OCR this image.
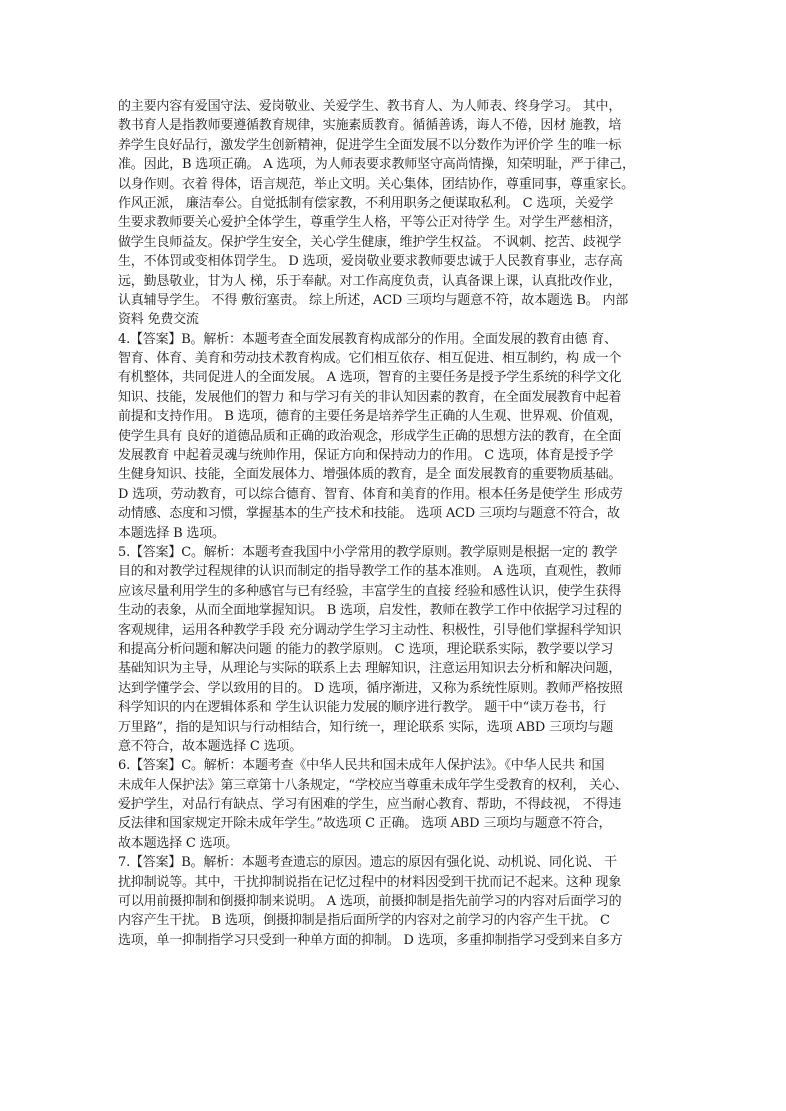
的主要内容有爱国守法、爱岗敬业、关爱学生、教书育人、为人师表、终身学习。 其中，
教书育人是指教师要遵循教育规律，实施素质教育。循循善诱，诲人不倦，因材 施教，培
养学生良好品行，激发学生创新精神，促进学生全面发展不以分数作为评价学 生的唯一标
准。因此，B 选项正确。 A 选项，为人师表要求教师坚守高尚情操，知荣明耻，严于律己，
以身作则。衣着 得体，语言规范，举止文明。关心集体，团结协作，尊重同事，尊重家长。
作风正派， 廉洁奉公。自觉抵制有偿家教，不利用职务之便谋取私利。 C 选项，关爱学
生要求教师要关心爱护全体学生，尊重学生人格，平等公正对待学 生。对学生严慈相济，
做学生良师益友。保护学生安全，关心学生健康，维护学生权益。 不讽刺、挖苦、歧视学
生，不体罚或变相体罚学生。 D 选项，爱岗敬业要求教师要忠诚于人民教育事业，志存高
远，勤恳敬业，甘为人 梯，乐于奉献。对工作高度负责，认真备课上课，认真批改作业，
认真辅导学生。 不得 敷衍塞责。 综上所述，ACD 三项均与题意不符，故本题选 B。 内部
资料 免费交流
4.【答案】B。解析：本题考查全面发展教育构成部分的作用。全面发展的教育由德 育、
智育、体育、美育和劳动技术教育构成。它们相互依存、相互促进、相互制约，构 成一个
有机整体，共同促进人的全面发展。 A 选项，智育的主要任务是授予学生系统的科学文化
知识、技能，发展他们的智力 和与学习有关的非认知因素的教育，在全面发展教育中起着
前提和支持作用。 B 选项，德育的主要任务是培养学生正确的人生观、世界观、价值观，
使学生具有 良好的道德品质和正确的政治观念，形成学生正确的思想方法的教育，在全面
发展教育 中起着灵魂与统帅作用，保证方向和保持动力的作用。 C 选项，体育是授予学
生健身知识、技能，全面发展体力、增强体质的教育，是全 面发展教育的重要物质基础。
D 选项，劳动教育，可以综合德育、智育、体育和美育的作用。根本任务是使学生 形成劳
动情感、态度和习惯，掌握基本的生产技术和技能。 选项 ACD 三项均与题意不符合，故
本题选择 B 选项。
5.【答案】C。解析：本题考查我国中小学常用的教学原则。教学原则是根据一定的 教学
目的和对教学过程规律的认识而制定的指导教学工作的基本准则。 A 选项，直观性，教师
应该尽量利用学生的多种感官与已有经验，丰富学生的直接 经验和感性认识，使学生获得
生动的表象，从而全面地掌握知识。 B 选项，启发性，教师在教学工作中依据学习过程的
客观规律，运用各种教学手段 充分调动学生学习主动性、积极性，引导他们掌握科学知识
和提高分析问题和解决问题 的能力的教学原则。 C 选项，理论联系实际，教学要以学习
基础知识为主导，从理论与实际的联系上去 理解知识，注意运用知识去分析和解决问题，
达到学懂学会、学以致用的目的。 D 选项，循序渐进，又称为系统性原则。教师严格按照
科学知识的内在逻辑体系和 学生认识能力发展的顺序进行教学。 题干中“读万卷书，行
万里路”，指的是知识与行动相结合，知行统一，理论联系 实际，选项 ABD 三项均与题
意不符合，故本题选择 C 选项。
6.【答案】C。解析：本题考查《中华人民共和国未成年人保护法》。《中华人民共 和国
未成年人保护法》第三章第十八条规定，“学校应当尊重未成年学生受教育的权利， 关心、
爱护学生，对品行有缺点、学习有困难的学生，应当耐心教育、帮助，不得歧视， 不得违
反法律和国家规定开除未成年学生。”故选项 C 正确。 选项 ABD 三项均与题意不符合，
故本题选择 C 选项。
7.【答案】B。解析：本题考查遗忘的原因。遗忘的原因有强化说、动机说、同化说、 干
扰抑制说等。其中，干扰抑制说指在记忆过程中的材料因受到干扰而记不起来。这种 现象
可以用前摄抑制和倒摄抑制来说明。 A 选项，前摄抑制是指先前学习的内容对后面学习的
内容产生干扰。 B 选项，倒摄抑制是指后面所学的内容对之前学习的内容产生干扰。 C
选项，单一抑制指学习只受到一种单方面的抑制。 D 选项，多重抑制指学习受到来自多方
